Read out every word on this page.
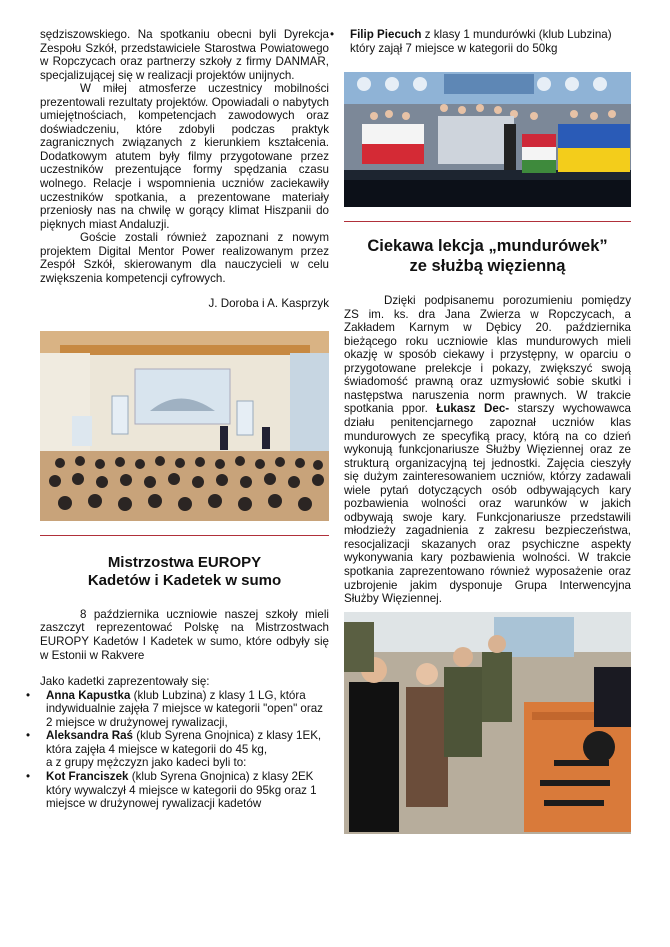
sędziszowskiego. Na spotkaniu obecni byli Dyrekcja Zespołu Szkół, przedstawiciele Starostwa Powiatowego w Ropczycach oraz partnerzy szkoły z firmy DANMAR, specjalizującej się w realizacji projektów unijnych.

W miłej atmosferze uczestnicy mobilności prezentowali rezultaty projektów. Opowiadali o nabytych umiejętnościach, kompetencjach zawodowych oraz doświadczeniu, które zdobyli podczas praktyk zagranicznych związanych z kierunkiem kształcenia. Dodatkowym atutem były filmy przygotowane przez uczestników prezentujące formy spędzania czasu wolnego. Relacje i wspomnienia uczniów zaciekawiły uczestników spotkania, a prezentowane materiały przeniosły nas na chwilę w gorący klimat Hiszpanii do pięknych miast Andaluzji.

Goście zostali również zapoznani z nowym projektem Digital Mentor Power realizowanym przez Zespół Szkół, skierowanym dla nauczycieli w celu zwiększenia kompetencji cyfrowych.

J. Doroba i A. Kasprzyk

Mistrzostwa EUROPY
Kadetów i Kadetek w sumo

8 października uczniowie naszej szkoły mieli zaszczyt reprezentować Polskę na Mistrzostwach EUROPY Kadetów I Kadetek w sumo, które odbyły się w Estonii w Rakvere

Jako kadetki zaprezentowały się:

• Anna Kapustka (klub Lubzina) z klasy 1 LG, która indywidualnie zajęła 7 miejsce w kategorii "open" oraz 2 miejsce w drużynowej rywalizacji,
• Aleksandra Raś (klub Syrena Gnojnica) z klasy 1EK, która zajęła 4 miejsce w kategorii do 45 kg,

a z grupy mężczyzn jako kadeci byli to:

• Kot Franciszek (klub Syrena Gnojnica) z klasy 2EK który wywalczył 4 miejsce w kategorii do 95kg oraz 1 miejsce w drużynowej rywalizacji kadetów
• Filip Piecuch z klasy 1 mundurówki (klub Lubzina) który zajął 7 miejsce w kategorii do 50kg
Ciekawa lekcja „mundurówek”
ze służbą więzienną

Dzięki podpisanemu porozumieniu pomiędzy ZS im. ks. dra Jana Zwierza w Ropczycach, a Zakładem Karnym w Dębicy 20. października bieżącego roku uczniowie klas mundurowych mieli okazję w sposób ciekawy i przystępny, w oparciu o przygotowane prelekcje i pokazy, zwiększyć swoją świadomość prawną oraz uzmysłowić sobie skutki i następstwa naruszenia norm prawnych. W trakcie spotkania ppor. Łukasz Dec- starszy wychowawca działu penitencjarnego zapoznał uczniów klas mundurowych ze specyfiką pracy, którą na co dzień wykonują funkcjonariusze Służby Więziennej oraz ze strukturą organizacyjną tej jednostki. Zajęcia cieszyły się dużym zainteresowaniem uczniów, którzy zadawali wiele pytań dotyczących osób odbywających kary pozbawienia wolności oraz warunków w jakich odbywają swoje kary. Funkcjonariusze przedstawili młodzieży zagadnienia z zakresu bezpieczeństwa, resocjalizacji skazanych oraz psychiczne aspekty wykonywania kary pozbawienia wolności. W trakcie spotkania zaprezentowano również wyposażenie oraz uzbrojenie jakim dysponuje Grupa Interwencyjna Służby Więziennej.
